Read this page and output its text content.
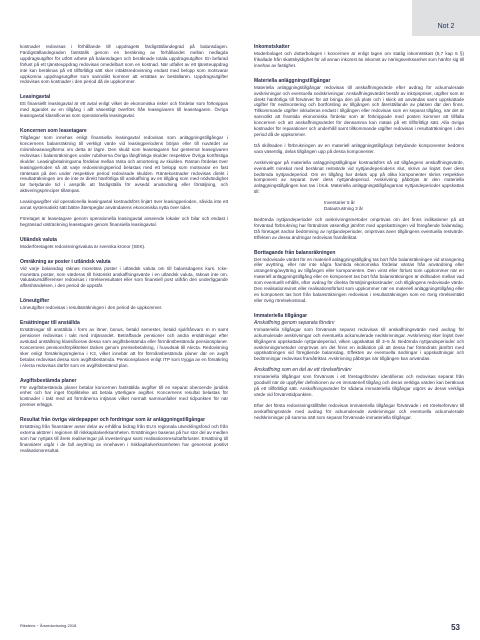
Not 2

kostnader redovisas i förhållande till uppdragets färdigställandegrad på balansdagen. Färdigställandegraden fastställs genom en beräkning av förhållandet mellan nedlagda uppdragsutgifter för utfört arbete på balansdagen och beräknade totala uppdragsutgifter. En befarad förlust på ett tjänsteuppdrag redovisas omedelbart som en kostnad. När utfallet av ett tjänsteuppdrag inte kan beräknas på ett tillförlitligt sätt sker intäktsredovisning endast med belopp som motsvarar uppkomna uppdragsutgifter som sannolikt kommer att ersättas av beställaren. Uppdragsutgifter redovisas som kostnader i den period då de uppkommer.

Leasingavtal

Ett finansiellt leasingavtal är ett avtal enligt vilket de ekonomiska risker och fördelar som förknippas med ägandet av en tillgång i allt väsentligt överförs från leasegivaren till leasetagaren. Övriga leasingavtal klassificeras som operationella leasingavtal.

Koncernen som leasetagare

Tillgångar som innehas enligt finansiella leasingavtal redovisas som anläggningstillgångar i koncernens balansräkning till verkligt värde vid leasingperiodens början eller till nuvärdet av minimileaseavgifterna om detta är lägre. Den skuld som leasetagaren har gentemot leasegivaren redovisas i balansräkningen under rubrikerna Övriga långfristiga skulder respektive Övriga kortfristiga skulder. Leasingbetalningarna fördelas mellan ränta och amortering av skulden. Räntan fördelas över leasingperioden så att varje redovisningsperiod belastas med ett belopp som motsvarar en fast räntesats på den under respektive period redovisade skulden. Räntekostnader redovisas direkt i resultaträkningen om de inte är direkt hänförliga till anskaffning av en tillgång som med nödvändighet tar betydande tid i anspråk att färdigställa för avsedd användning eller försäljning, och aktiveringsprinciper tillämpas.

Leasingavgifter vid operationella leasingavtal kostnadsförs linjärt över leasingperioden, såvida inte ett annat systematiskt sätt bättre återspeglar användarens ekonomiska nytta över tiden.

Företaget är leasetagare genom operationella leasingavtal avseende lokaler och bilar och endast i begränsad utsträckning leasetagare genom finansiella leasingavtal.

Utländsk valuta

Moderföretagets redovisningsvaluta är svenska kronor (SEK).

Omräkning av poster i utländsk valuta

Vid varje balansdag räknas monetära poster i utländsk valuta om till balansdagens kurs. Icke-monetära poster, som värderas till historiskt anskaffningsvärde i en utländsk valuta, räknas inte om. Valutakursdifferenser redovisas i rörelseresultatet eller som finansiell post utifrån den underliggande affärshändelsen, i den period de uppstår.

Löneutgifter

Löneutgifter redovisas i resultaträkningen i den period de uppkommer.

Ersättningar till anställda

Ersättningar till anställda i form av löner, bonus, betald semester, betald sjukfrånvaro m m samt pensioner redovisas i takt med intjänandet. Beträffande pensioner och andra ersättningar efter avslutad anställning klassificeras dessa som avgiftsbestämda eller förmånsbestämda pensionsplaner. Koncernens pensionsförpliktelser täckes genom premiebetalning, i huvudsak till Alecta. Redovisning sker enligt försäkringsreglerna i K3, vilket innebär att för förmånsbestämda planer där en avgift betalas redovisas dessa som avgiftsbestämda. Pensionsplanen enligt ITP som trygga av en försäkring i Alecta redovisas därför som en avgiftsbestämd plan.

Avgiftsbestämda planer

För avgiftsbestämda planer betalar koncernen fastställda avgifter till en separat oberoende juridisk enhet och har inget förpliktelse att betala ytterligare avgifter. Koncernens resultat belastas för kostnader i takt med att förmånerna intjänas vilket normalt sammanfaller med tidpunkten för när premier erläggs.

Resultat från övriga värdepapper och fordringar som är anläggningstillgångar

Ersättning från finansiärer avser delar av erhållna bidrag från EU:s regionala utvecklingsfond och från externa aktörer i regionen till riskkapitalverksamheten. Ersättningen baseras på hur stor del av medlen som har nyttjats till årets realiseringar på investeringar samt realisationsresultatförluster. Ersättning till finansiärer utgår i de fall avyttring av innehaven i riskkapitalverksamheten har genererat positivt realisationsresultat.

Inkomstskatter

Moderbolaget och dotterbolagen i koncernen är enligt lagen om statlig inkomstskatt (5,7 kap 5 §) frikallade från skattskyldighet för all annan inkomst än inkomst av näringsverksamhet som hänför sig till innehav av fastighet.

Materiella anläggningstillgångar

Materiella anläggningstillgångar redovisas till anskaffningsvärde efter avdrag för ackumulerade avskrivningar och eventuella nedskrivningar. Anskaffningsvärdet består av inköpspriset, utgifter som är direkt hänförliga till förvärvet för att bringa den på plats och i skick att användas samt uppskattade utgifter för nedmontering och bortforsling av tillgången och återställande av platsen där den finns. Tillkommande utgifter inkluderas endast i tillgången eller redovisas som en separat tillgång, när det är sannolikt att framtida ekonomiska fördelar som är förknippade med posten kommer att tillfalla koncernen och att anskaffningsvärdet för densamma kan mätas på ett tillförlitligt sätt. Alla övriga kostnader för reparationer och underhåll samt tillkommande utgifter redovisas i resultaträkningen i den period då de uppkommer.

Då skillnaden i förbrukningen av en materiell anläggningstillgångs betydande komponenter bedöms vara väsentlig, delas tillgången upp på dessa komponenter.

Avskrivningar på materiella anläggningstillgångar kostnadsförs så att tillgångens anskaffningsvärde, eventuellt minskat med beräknat restvärde vid nyttjandeperiodens slut, skrivs av linjärt över dess bedömda nyttjandeperiod. Om en tillgång har delats upp på olika komponenter skrivs respektive komponent av separat över dess nyttjandeperiod. Avskrivning påbörjas är den materiella anläggningstillgången kan tas i bruk. Materiella anläggningstillgångarnas nyttjandeperioder uppskattas till:

Inventarier 5 år
Datautrustning 3 år

Bedömda nyttjandeperioder och avskrivningsmetoder omprövas om det finns indikationer på att förväntad förbrukning har förändrats väsentligt jämfört med uppskattningen vid föregående balansdag. Då företaget ändrar bedömning av nyttjandeperioder, omprövas även tillgångens eventuella restvärde. Effekten av dessa ändringar redovisas framåtriktat.

Borttagande från balansräkningen

Det redovisade värdet för en materiell anläggningstillgång tas bort från balansräkningen vid utrangering eller avyttring, eller när inte några framtida ekonomiska fördelar väntas från användning eller utrangering/avyttring av tillgången eller komponenten. Den vinst eller förlust som uppkommer när en materiell anläggningstillgång eller en komponent tas bort från balansräkningen är skillnaden mellan vad som eventuellt erhålls, efter avdrag för direkta försäljningskostnader, och tillgångens redovisade värde. Den realisationsvinst eller realisationsförlust som uppkommer när en materiell anläggningstillgång eller en komponent tas bort från balansräkningen redovisas i resultaträkningen som en övrig rörelseintäkt eller övrig rörelsekostnad.

Immateriella tillgångar
Anskaffning genom separata förvärv

Immateriella tillgångar som förvärvats separat redovisas till anskaffningsvärde med avdrag för ackumulerade avskrivningar och eventuella ackumulerade nedskrivningar. Avskrivning sker linjärt över tillgångens uppskattade nyttjandeperiod, vilken uppskattas till 3–5 år. Bedömda nyttjandeperioder och avskrivningsmetoder omprövas om det finns en indikation på att dessa har förändrats jämfört med uppskattningen vid föregående balansdag. Effekten av eventuella ändringar i uppskattningar och bedömningar redovisas framåtriktat. Avskrivning påbörjas när tillgången kan användas.

Anskaffning som en del av ett rörelseförvärv

Immateriella tillgångar som förvärvats i ett företagsförvärv identifieras och redovisas separat från goodwill när de uppfyller definitionen av en immateriell tillgång och deras verkliga värden kan beräknas på ett tillförlitligt sätt. Anskaffningsvärdet för sådana immateriella tillgångar utgörs av deras verkliga värde vid förvärvstidpunkten.

Efter det första redovisningstillfället redovisas immateriella tillgångar förvärvade i ett rörelseförvärv till anskaffningsvärde med avdrag för ackumulerade avskrivningar och eventuella ackumulerade nedskrivningar på samma sätt som separat förvärvade immateriella tillgångar.

Rikstens ~ Årsredovisning 2018	53
